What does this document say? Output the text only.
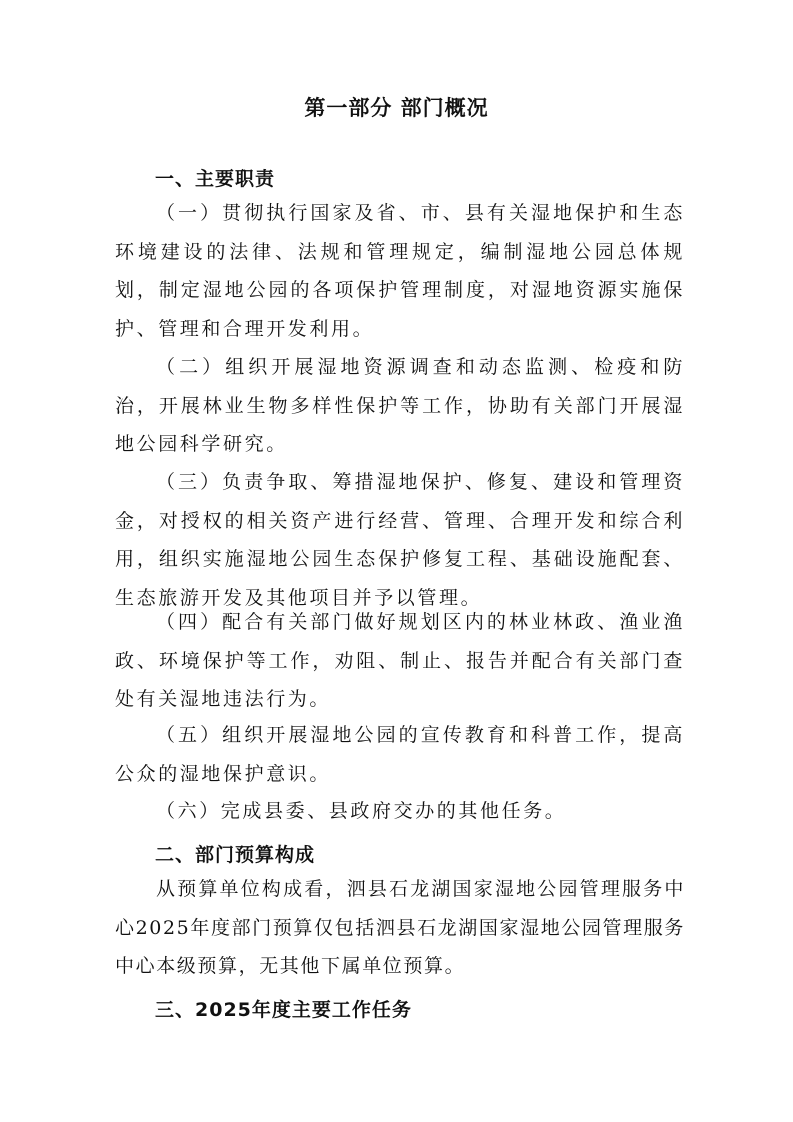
第一部分 部门概况
一、主要职责

（一）贯彻执行国家及省、市、县有关湿地保护和生态环境建设的法律、法规和管理规定，编制湿地公园总体规划，制定湿地公园的各项保护管理制度，对湿地资源实施保护、管理和合理开发利用。

（二）组织开展湿地资源调查和动态监测、检疫和防治，开展林业生物多样性保护等工作，协助有关部门开展湿地公园科学研究。

（三）负责争取、筹措湿地保护、修复、建设和管理资金，对授权的相关资产进行经营、管理、合理开发和综合利用，组织实施湿地公园生态保护修复工程、基础设施配套、生态旅游开发及其他项目并予以管理。

（四）配合有关部门做好规划区内的林业林政、渔业渔政、环境保护等工作，劝阻、制止、报告并配合有关部门查处有关湿地违法行为。

（五）组织开展湿地公园的宣传教育和科普工作，提高公众的湿地保护意识。

（六）完成县委、县政府交办的其他任务。

二、部门预算构成

从预算单位构成看，泗县石龙湖国家湿地公园管理服务中心2025年度部门预算仅包括泗县石龙湖国家湿地公园管理服务中心本级预算，无其他下属单位预算。

三、2025年度主要工作任务
